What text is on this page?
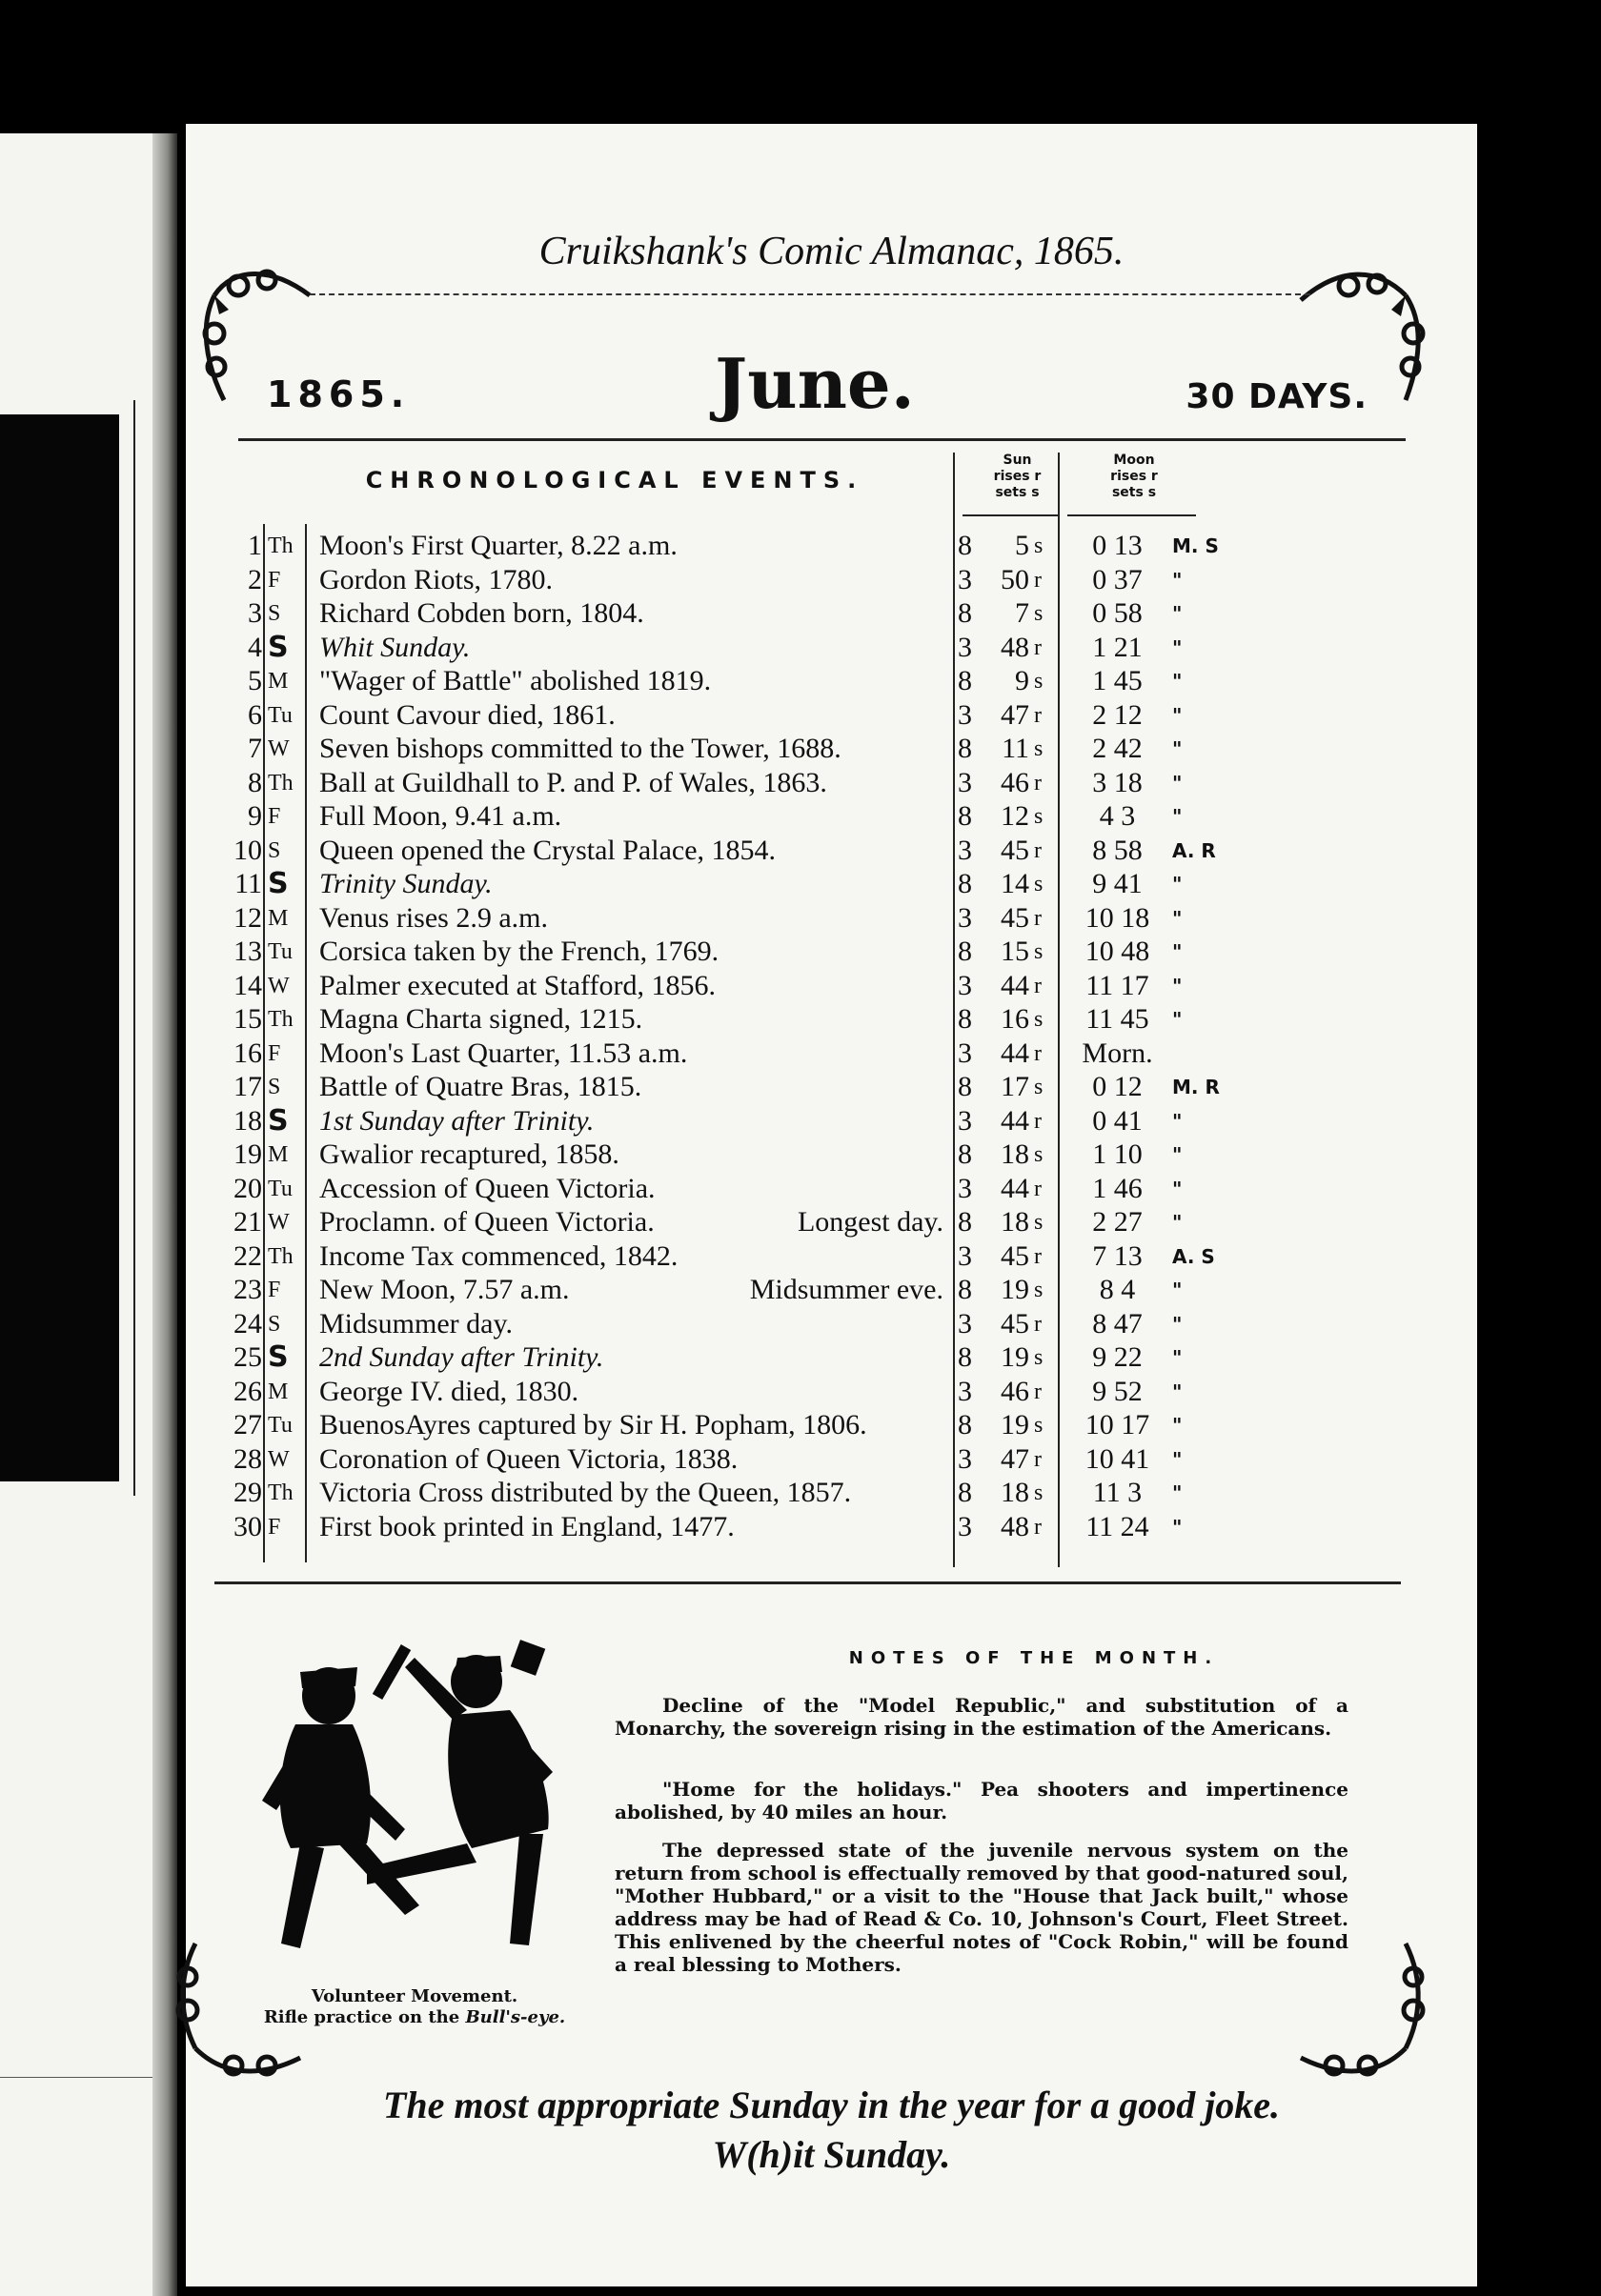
Cruikshank's Comic Almanac, 1865.
1865.	June.	30 DAYS.
CHRONOLOGICAL EVENTS.
Sun
rises r
sets s
Moon
rises r
sets s
1 Th Moon's First Quarter, 8.22 a.m.	8	5 s	0 13	M. S
2 F	Gordon Riots, 1780.	3	50 r	0 37	"
3 S	Richard Cobden born, 1804.	8	7 s	0 58	"
4 S	Whit Sunday.	3	48 r	1 21	"
5 M	"Wager of Battle" abolished 1819.	8	9 s	1 45	"
6 Tu Count Cavour died, 1861.	3	47 r	2 12	"
7 W	Seven bishops committed to the Tower, 1688.	8	11 s	2 42	"
8 Th Ball at Guildhall to P. and P. of Wales, 1863.	3	46 r	3 18	"
9 F	Full Moon, 9.41 a.m.	8	12 s	4 3	"
10 S	Queen opened the Crystal Palace, 1854.	3	45 r	8 58	A. R
11 S	Trinity Sunday.	8	14 s	9 41	"
12 M	Venus rises 2.9 a.m.	3	45 r	10 18	"
13 Tu Corsica taken by the French, 1769.	8	15 s	10 48	"
14 W	Palmer executed at Stafford, 1856.	3	44 r	11 17	"
15 Th Magna Charta signed, 1215.	8	16 s	11 45	"
16 F	Moon's Last Quarter, 11.53 a.m.	3	44 r	Morn.
17 S	Battle of Quatre Bras, 1815.	8	17 s	0 12	M. R
18 S	1st Sunday after Trinity.	3	44 r	0 41	"
19 M	Gwalior recaptured, 1858.	8	18 s	1 10	"
20 Tu Accession of Queen Victoria.	3	44 r	1 46	"
21 W	Proclamn. of Queen Victoria.	Longest day. 8	18 s	2 27	"
22 Th Income Tax commenced, 1842.	3	45 r	7 13	A. S
23 F	New Moon, 7.57 a.m.	Midsummer eve. 8	19 s	8 4	"
24 S	Midsummer day.	3	45 r	8 47	"
25 S	2nd Sunday after Trinity.	8	19 s	9 22	"
26 M	George IV. died, 1830.	3	46 r	9 52	"
27 Tu BuenosAyres captured by Sir H. Popham, 1806.	8	19 s	10 17	"
28 W	Coronation of Queen Victoria, 1838.	3	47 r	10 41	"
29 Th Victoria Cross distributed by the Queen, 1857.	8	18 s	11 3	"
30 F	First book printed in England, 1477.	3	48 r	11 24	"
Volunteer Movement.
Rifle practice on the Bull's-eye.
NOTES OF THE MONTH.
Decline of the "Model Republic," and substitution of a Monarchy, the sovereign rising in the estimation of the Americans.
"Home for the holidays." Pea shooters and impertinence abolished, by 40 miles an hour.
The depressed state of the juvenile nervous system on the return from school is effectually removed by that good-natured soul, "Mother Hubbard," or a visit to the "House that Jack built," whose address may be had of Read & Co. 10, Johnson's Court, Fleet Street. This enlivened by the cheerful notes of "Cock Robin," will be found a real blessing to Mothers.
The most appropriate Sunday in the year for a good joke.
W(h)it Sunday.
